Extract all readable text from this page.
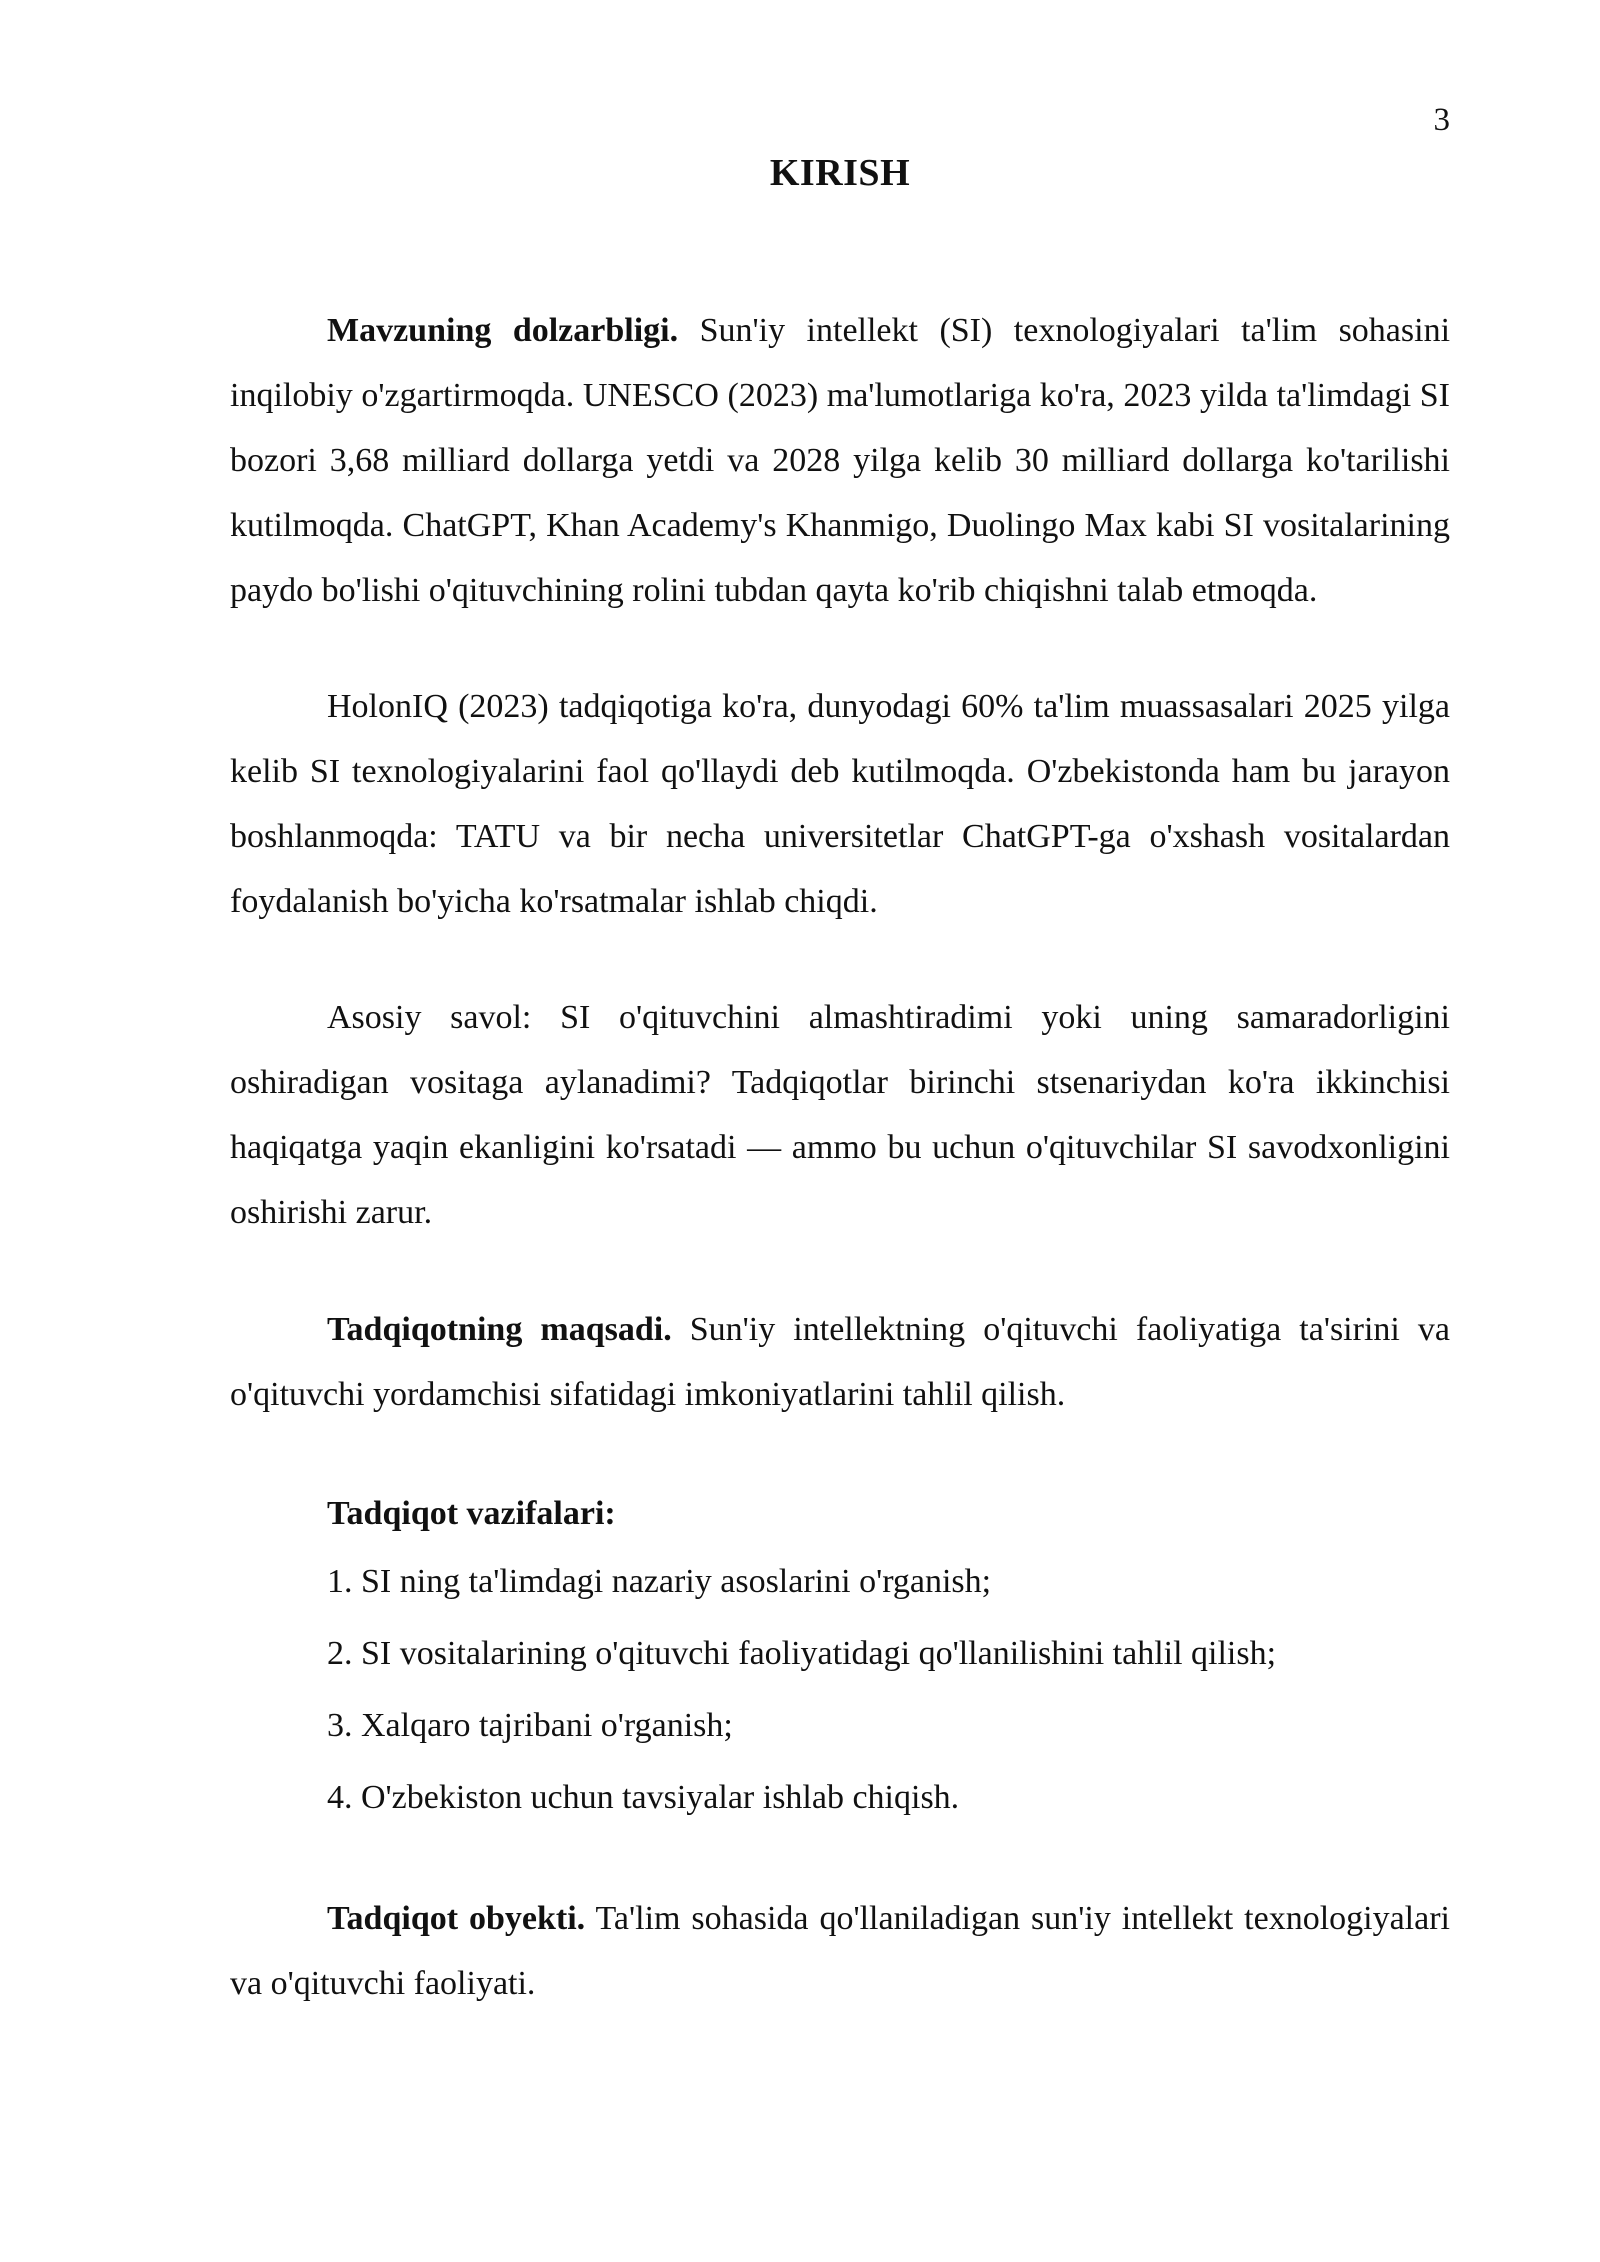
3
KIRISH

Mavzuning dolzarbligi. Sun'iy intellekt (SI) texnologiyalari ta'lim sohasini inqilobiy o'zgartirmoqda. UNESCO (2023) ma'lumotlariga ko'ra, 2023 yilda ta'limdagi SI bozori 3,68 milliard dollarga yetdi va 2028 yilga kelib 30 milliard dollarga ko'tarilishi kutilmoqda. ChatGPT, Khan Academy's Khanmigo, Duolingo Max kabi SI vositalarining paydo bo'lishi o'qituvchining rolini tubdan qayta ko'rib chiqishni talab etmoqda.

HolonIQ (2023) tadqiqotiga ko'ra, dunyodagi 60% ta'lim muassasalari 2025 yilga kelib SI texnologiyalarini faol qo'llaydi deb kutilmoqda. O'zbekistonda ham bu jarayon boshlanmoqda: TATU va bir necha universitetlar ChatGPT-ga o'xshash vositalardan foydalanish bo'yicha ko'rsatmalar ishlab chiqdi.

Asosiy savol: SI o'qituvchini almashtiradimi yoki uning samaradorligini oshiradigan vositaga aylanadimi? Tadqiqotlar birinchi stsenariydan ko'ra ikkinchisi haqiqatga yaqin ekanligini ko'rsatadi — ammo bu uchun o'qituvchilar SI savodxonligini oshirishi zarur.

Tadqiqotning maqsadi. Sun'iy intellektning o'qituvchi faoliyatiga ta'sirini va o'qituvchi yordamchisi sifatidagi imkoniyatlarini tahlil qilish.

Tadqiqot vazifalari:
1. SI ning ta'limdagi nazariy asoslarini o'rganish;
2. SI vositalarining o'qituvchi faoliyatidagi qo'llanilishini tahlil qilish;
3. Xalqaro tajribani o'rganish;
4. O'zbekiston uchun tavsiyalar ishlab chiqish.

Tadqiqot obyekti. Ta'lim sohasida qo'llaniladigan sun'iy intellekt texnologiyalari va o'qituvchi faoliyati.
